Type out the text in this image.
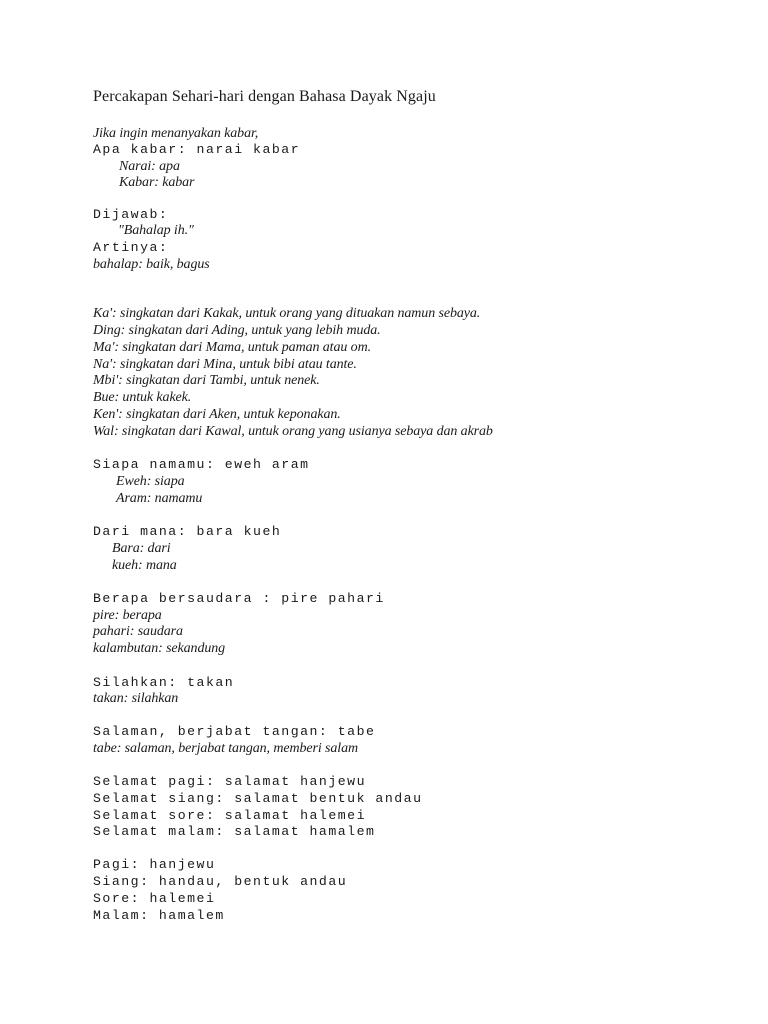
Percakapan Sehari-hari dengan Bahasa Dayak Ngaju
Jika ingin menanyakan kabar,
Apa kabar: narai kabar
Narai: apa
Kabar: kabar
Dijawab:
"Bahalap ih."
Artinya:
bahalap: baik, bagus
Ka': singkatan dari Kakak, untuk orang yang dituakan namun sebaya.
Ding: singkatan dari Ading, untuk yang lebih muda.
Ma': singkatan dari Mama, untuk paman atau om.
Na': singkatan dari Mina, untuk bibi atau tante.
Mbi': singkatan dari Tambi, untuk nenek.
Bue: untuk kakek.
Ken': singkatan dari Aken, untuk keponakan.
Wal: singkatan dari Kawal, untuk orang yang usianya sebaya dan akrab
Siapa namamu: eweh aram
Eweh: siapa
Aram: namamu
Dari mana: bara kueh
Bara: dari
kueh: mana
Berapa bersaudara : pire pahari
pire: berapa
pahari: saudara
kalambutan: sekandung
Silahkan: takan
takan: silahkan
Salaman, berjabat tangan: tabe
tabe: salaman, berjabat tangan, memberi salam
Selamat pagi: salamat hanjewu
Selamat siang: salamat bentuk andau
Selamat sore: salamat halemei
Selamat malam: salamat hamalem
Pagi: hanjewu
Siang: handau, bentuk andau
Sore: halemei
Malam: hamalem
